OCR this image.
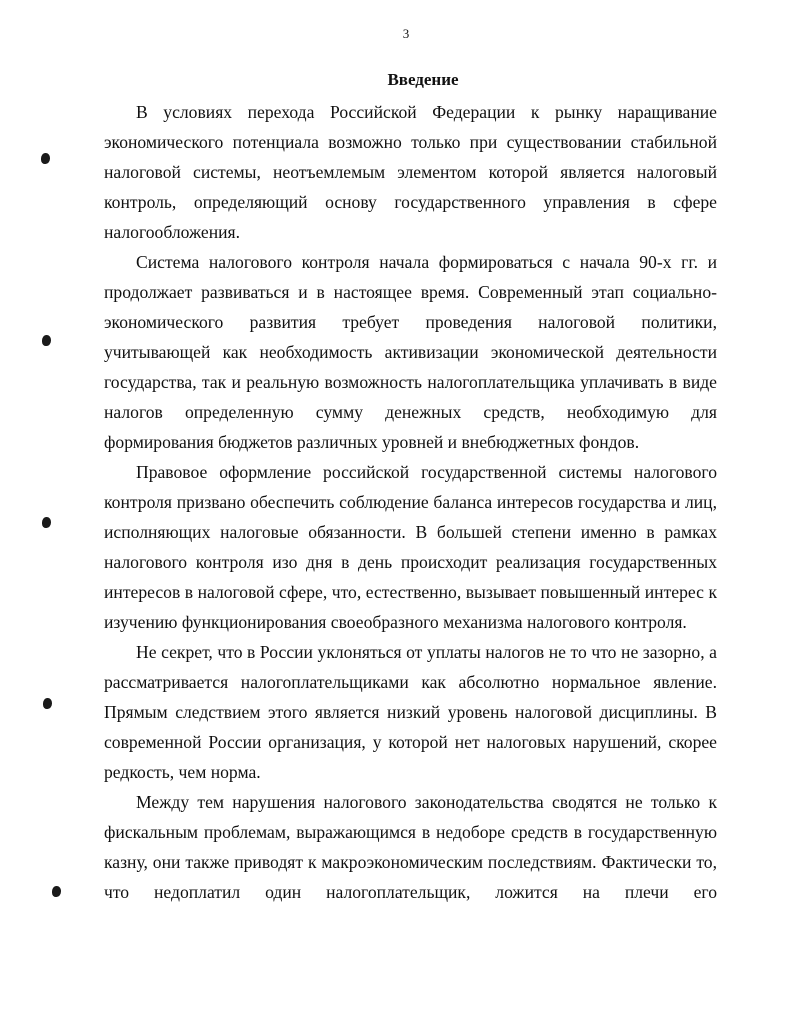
3
Введение

В условиях перехода Российской Федерации к рынку наращивание экономического потенциала возможно только при существовании стабильной налоговой системы, неотъемлемым элементом которой является налоговый контроль, определяющий основу государственного управления в сфере налогообложения.

Система налогового контроля начала формироваться с начала 90-х гг. и продолжает развиваться и в настоящее время. Современный этап социально-экономического развития требует проведения налоговой политики, учитывающей как необходимость активизации экономической деятельности государства, так и реальную возможность налогоплательщика уплачивать в виде налогов определенную сумму денежных средств, необходимую для формирования бюджетов различных уровней и внебюджетных фондов.

Правовое оформление российской государственной системы налогового контроля призвано обеспечить соблюдение баланса интересов государства и лиц, исполняющих налоговые обязанности. В большей степени именно в рамках налогового контроля изо дня в день происходит реализация государственных интересов в налоговой сфере, что, естественно, вызывает повышенный интерес к изучению функционирования своеобразного механизма налогового контроля.

Не секрет, что в России уклоняться от уплаты налогов не то что не зазорно, а рассматривается налогоплательщиками как абсолютно нормальное явление. Прямым следствием этого является низкий уровень налоговой дисциплины. В современной России организация, у которой нет налоговых нарушений, скорее редкость, чем норма.

Между тем нарушения налогового законодательства сводятся не только к фискальным проблемам, выражающимся в недоборе средств в государственную казну, они также приводят к макроэкономическим последствиям. Фактически то, что недоплатил один налогоплательщик, ложится на плечи его
